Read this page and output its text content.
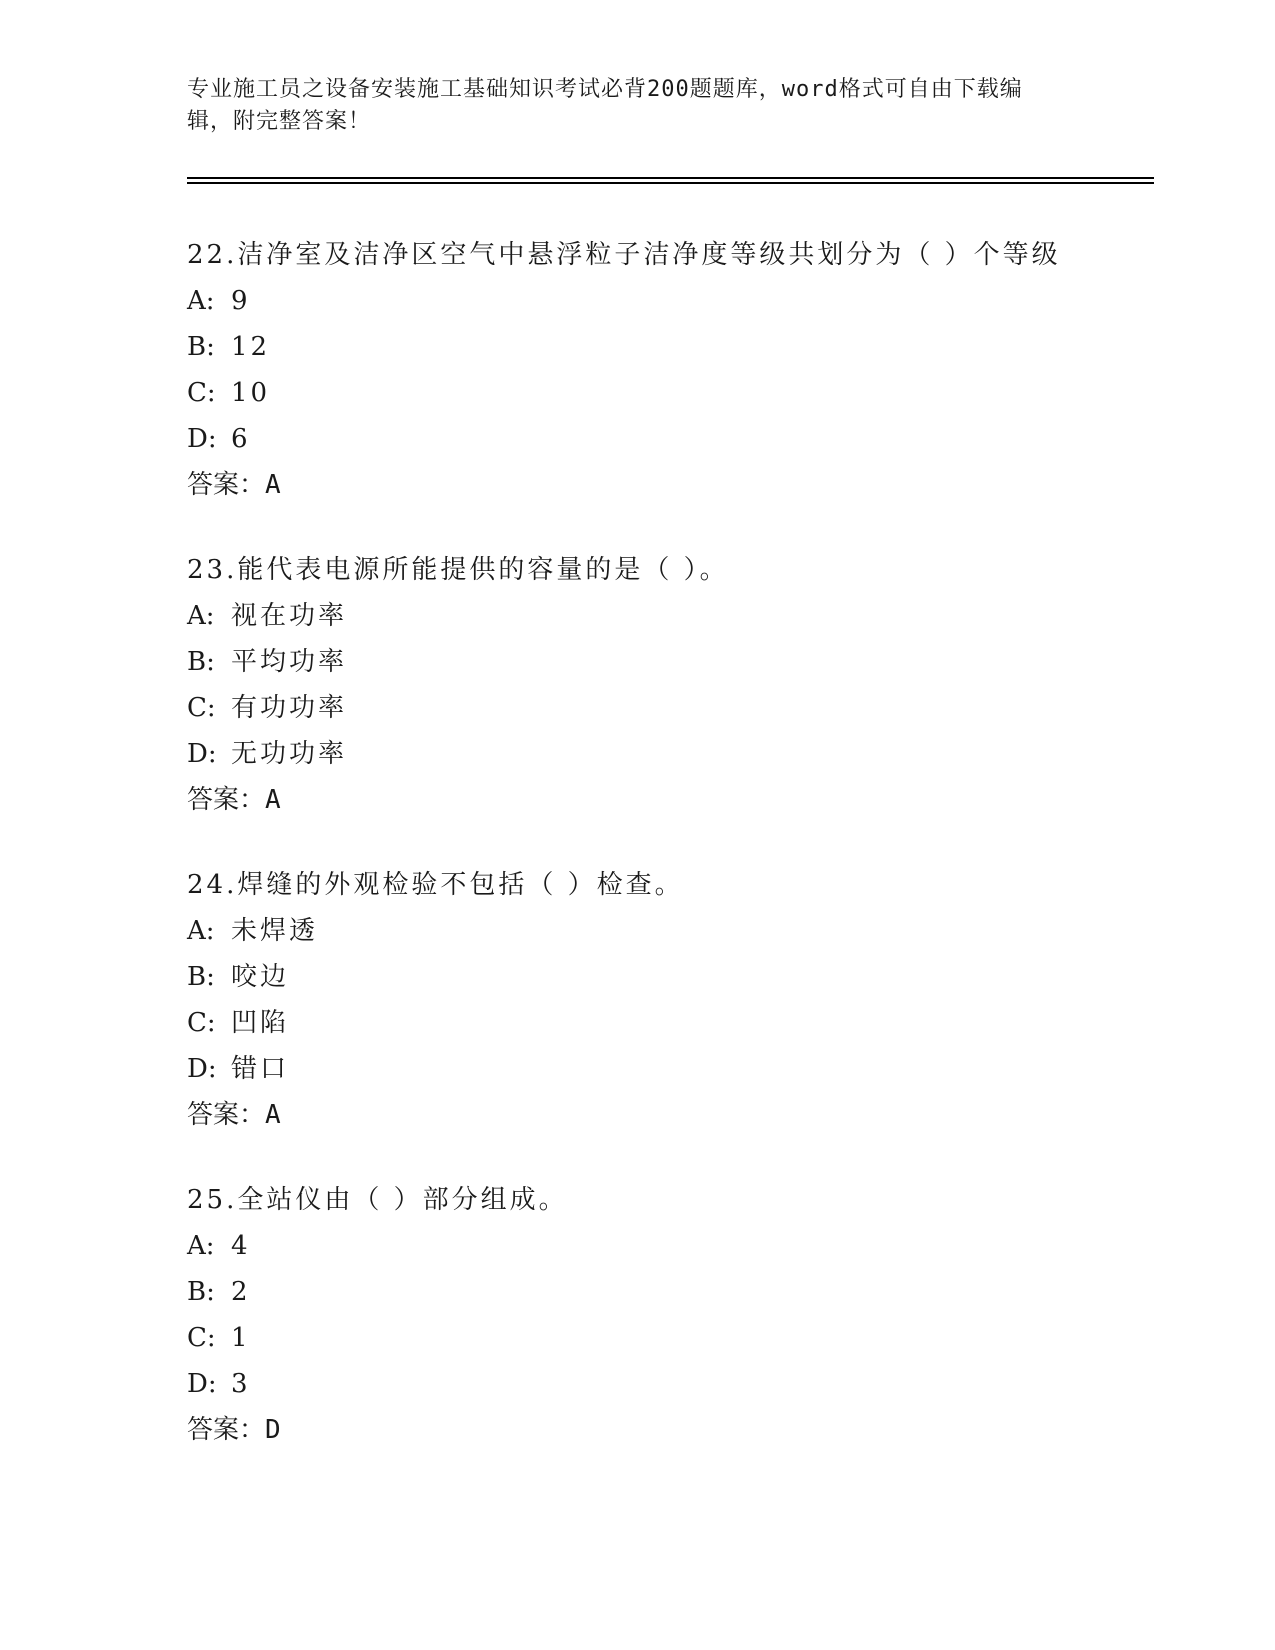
专业施工员之设备安装施工基础知识考试必背200题题库，word格式可自由下载编辑，附完整答案！
22.洁净室及洁净区空气中悬浮粒子洁净度等级共划分为（ ）个等级
A: 9
B: 12
C: 10
D: 6
答案：A
23.能代表电源所能提供的容量的是（ ）。
A: 视在功率
B: 平均功率
C: 有功功率
D: 无功功率
答案：A
24.焊缝的外观检验不包括（ ）检查。
A: 未焊透
B: 咬边
C: 凹陷
D: 错口
答案：A
25.全站仪由（ ）部分组成。
A: 4
B: 2
C: 1
D: 3
答案：D
